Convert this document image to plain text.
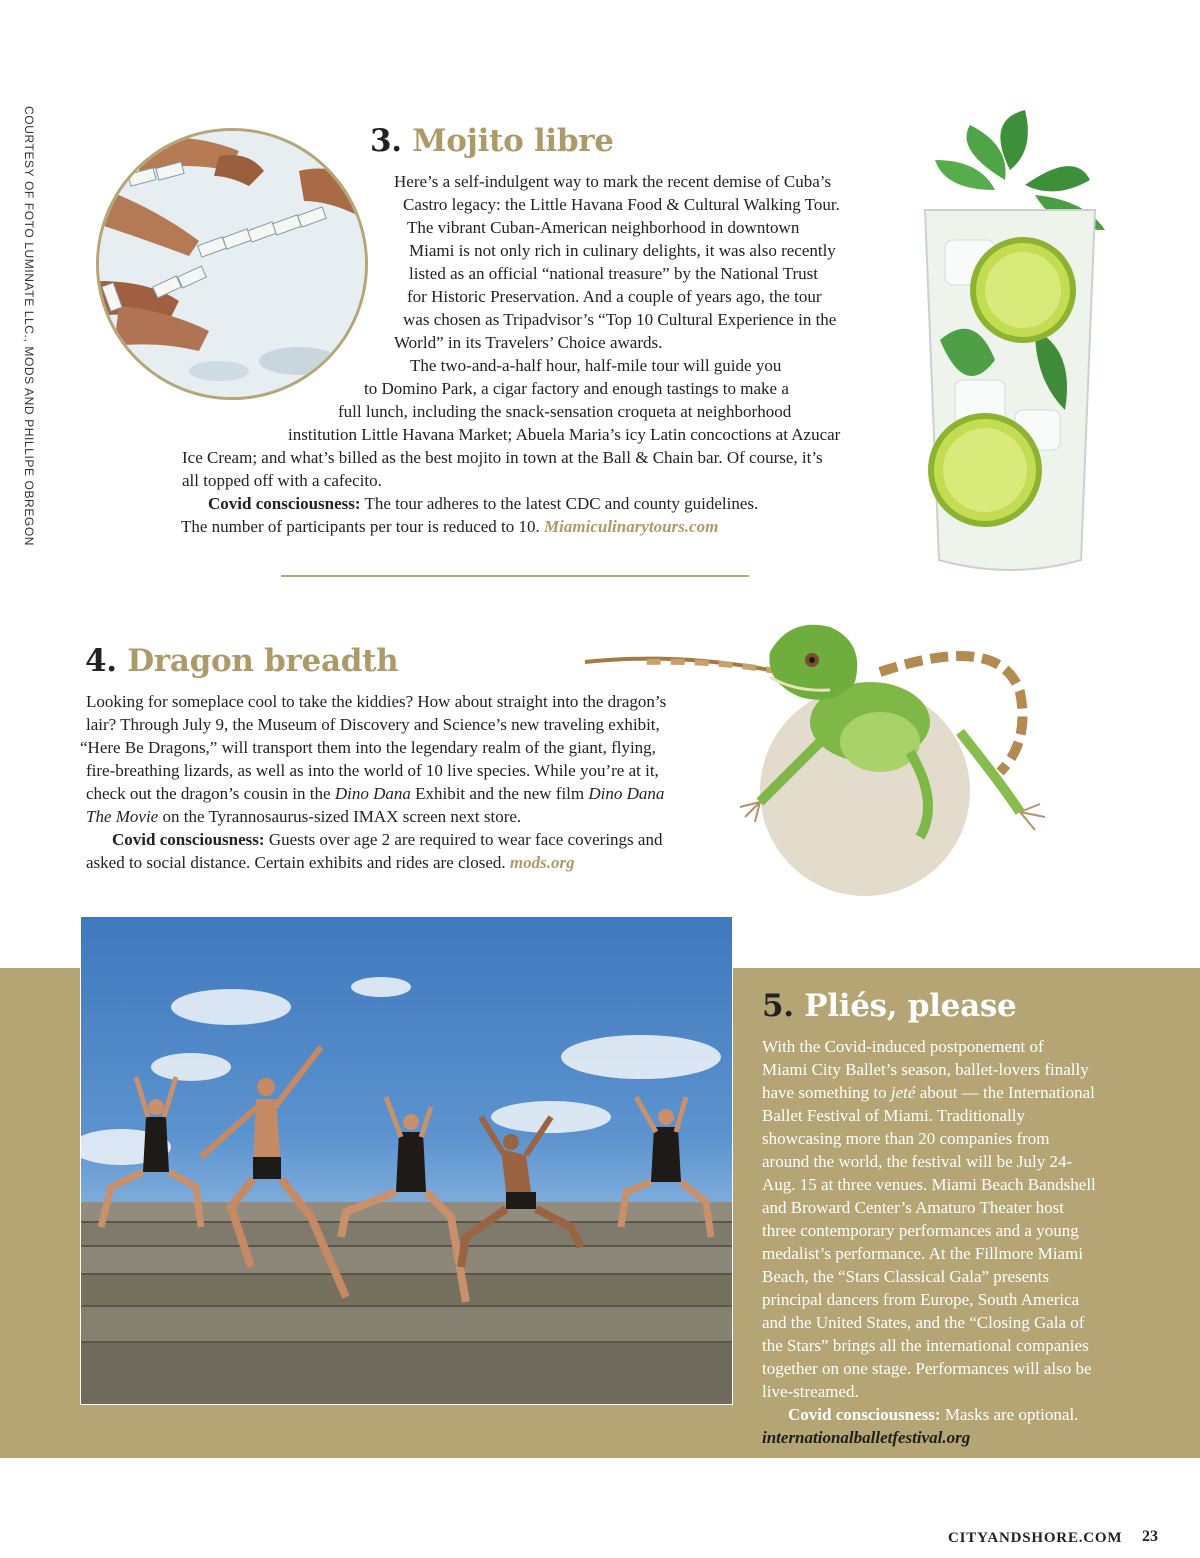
COURTESY OF FOTO LUMINATE LLC., MODS AND PHILLIPE OBREGON	3. Mojito libre
Here’s a self-indulgent way to mark the recent demise of Cuba’s
Castro legacy: the Little Havana Food & Cultural Walking Tour.
The vibrant Cuban-American neighborhood in downtown
Miami is not only rich in culinary delights, it was also recently
listed as an official “national treasure” by the National Trust
for Historic Preservation. And a couple of years ago, the tour
was chosen as Tripadvisor’s “Top 10 Cultural Experience in the
World” in its Travelers’ Choice awards.
The two-and-a-half hour, half-mile tour will guide you
to Domino Park, a cigar factory and enough tastings to make a
full lunch, including the snack-sensation croqueta at neighborhood
institution Little Havana Market; Abuela Maria’s icy Latin concoctions at Azucar
Ice Cream; and what’s billed as the best mojito in town at the Ball & Chain bar. Of course, it’s
all topped off with a cafecito.
Covid consciousness: The tour adheres to the latest CDC and county guidelines.
The number of participants per tour is reduced to 10. Miamiculinarytours.com
4. Dragon breadth
Looking for someplace cool to take the kiddies? How about straight into the dragon’s
lair? Through July 9, the Museum of Discovery and Science’s new traveling exhibit,
“Here Be Dragons,” will transport them into the legendary realm of the giant, flying,
fire-breathing lizards, as well as into the world of 10 live species. While you’re at it,
check out the dragon’s cousin in the Dino Dana Exhibit and the new film Dino Dana
The Movie on the Tyrannosaurus-sized IMAX screen next store.
Covid consciousness: Guests over age 2 are required to wear face coverings and
asked to social distance. Certain exhibits and rides are closed. mods.org
5. Pliés, please
With the Covid-induced postponement of
Miami City Ballet’s season, ballet-lovers finally
have something to jeté about — the International
Ballet Festival of Miami. Traditionally
showcasing more than 20 companies from
around the world, the festival will be July 24-
Aug. 15 at three venues. Miami Beach Bandshell
and Broward Center’s Amaturo Theater host
three contemporary performances and a young
medalist’s performance. At the Fillmore Miami
Beach, the “Stars Classical Gala” presents
principal dancers from Europe, South America
and the United States, and the “Closing Gala of
the Stars” brings all the international companies
together on one stage. Performances will also be
live-streamed.
Covid consciousness: Masks are optional.
internationalballetfestival.org

CITYANDSHORE.COM 23
